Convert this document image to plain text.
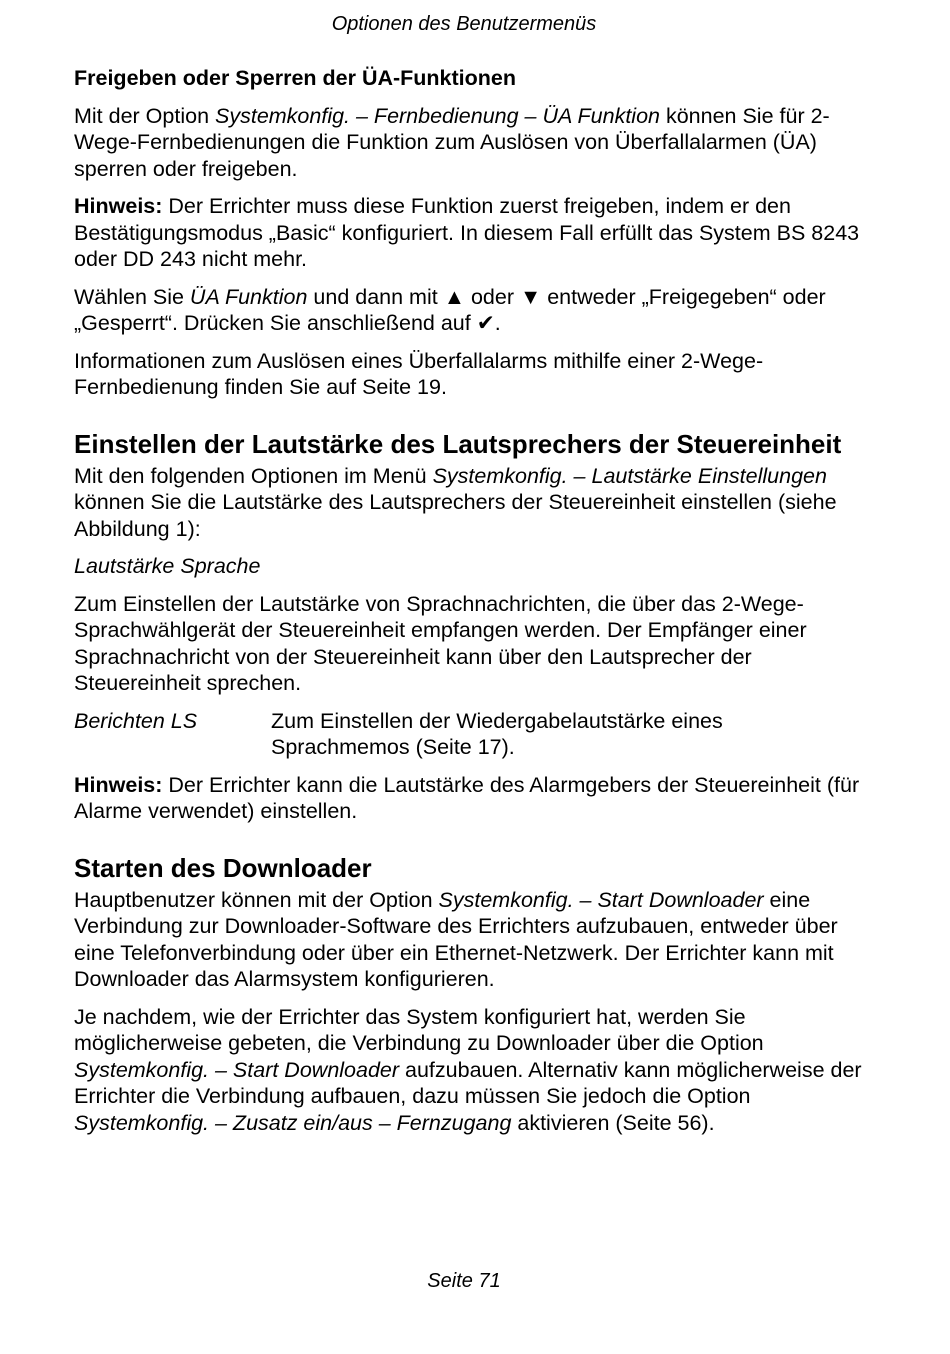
Optionen des Benutzermenüs

Freigeben oder Sperren der ÜA-Funktionen

Mit der Option Systemkonfig. – Fernbedienung – ÜA Funktion können Sie für 2-Wege-Fernbedienungen die Funktion zum Auslösen von Überfallalarmen (ÜA) sperren oder freigeben.

Hinweis: Der Errichter muss diese Funktion zuerst freigeben, indem er den Bestätigungsmodus „Basic“ konfiguriert. In diesem Fall erfüllt das System BS 8243 oder DD 243 nicht mehr.

Wählen Sie ÜA Funktion und dann mit ▲ oder ▼ entweder „Freigegeben“ oder „Gesperrt“. Drücken Sie anschließend auf ✔.

Informationen zum Auslösen eines Überfallalarms mithilfe einer 2-Wege-Fernbedienung finden Sie auf Seite 19.

Einstellen der Lautstärke des Lautsprechers der Steuereinheit

Mit den folgenden Optionen im Menü Systemkonfig. – Lautstärke Einstellungen können Sie die Lautstärke des Lautsprechers der Steuereinheit einstellen (siehe Abbildung 1):

Lautstärke Sprache

Zum Einstellen der Lautstärke von Sprachnachrichten, die über das 2-Wege-Sprachwählgerät der Steuereinheit empfangen werden. Der Empfänger einer Sprachnachricht von der Steuereinheit kann über den Lautsprecher der Steuereinheit sprechen.

Berichten LS	Zum Einstellen der Wiedergabelautstärke eines Sprachmemos (Seite 17).

Hinweis: Der Errichter kann die Lautstärke des Alarmgebers der Steuereinheit (für Alarme verwendet) einstellen.

Starten des Downloader

Hauptbenutzer können mit der Option Systemkonfig. – Start Downloader eine Verbindung zur Downloader-Software des Errichters aufzubauen, entweder über eine Telefonverbindung oder über ein Ethernet-Netzwerk. Der Errichter kann mit Downloader das Alarmsystem konfigurieren.

Je nachdem, wie der Errichter das System konfiguriert hat, werden Sie möglicherweise gebeten, die Verbindung zu Downloader über die Option Systemkonfig. – Start Downloader aufzubauen. Alternativ kann möglicherweise der Errichter die Verbindung aufbauen, dazu müssen Sie jedoch die Option Systemkonfig. – Zusatz ein/aus – Fernzugang aktivieren (Seite 56).

Seite 71
